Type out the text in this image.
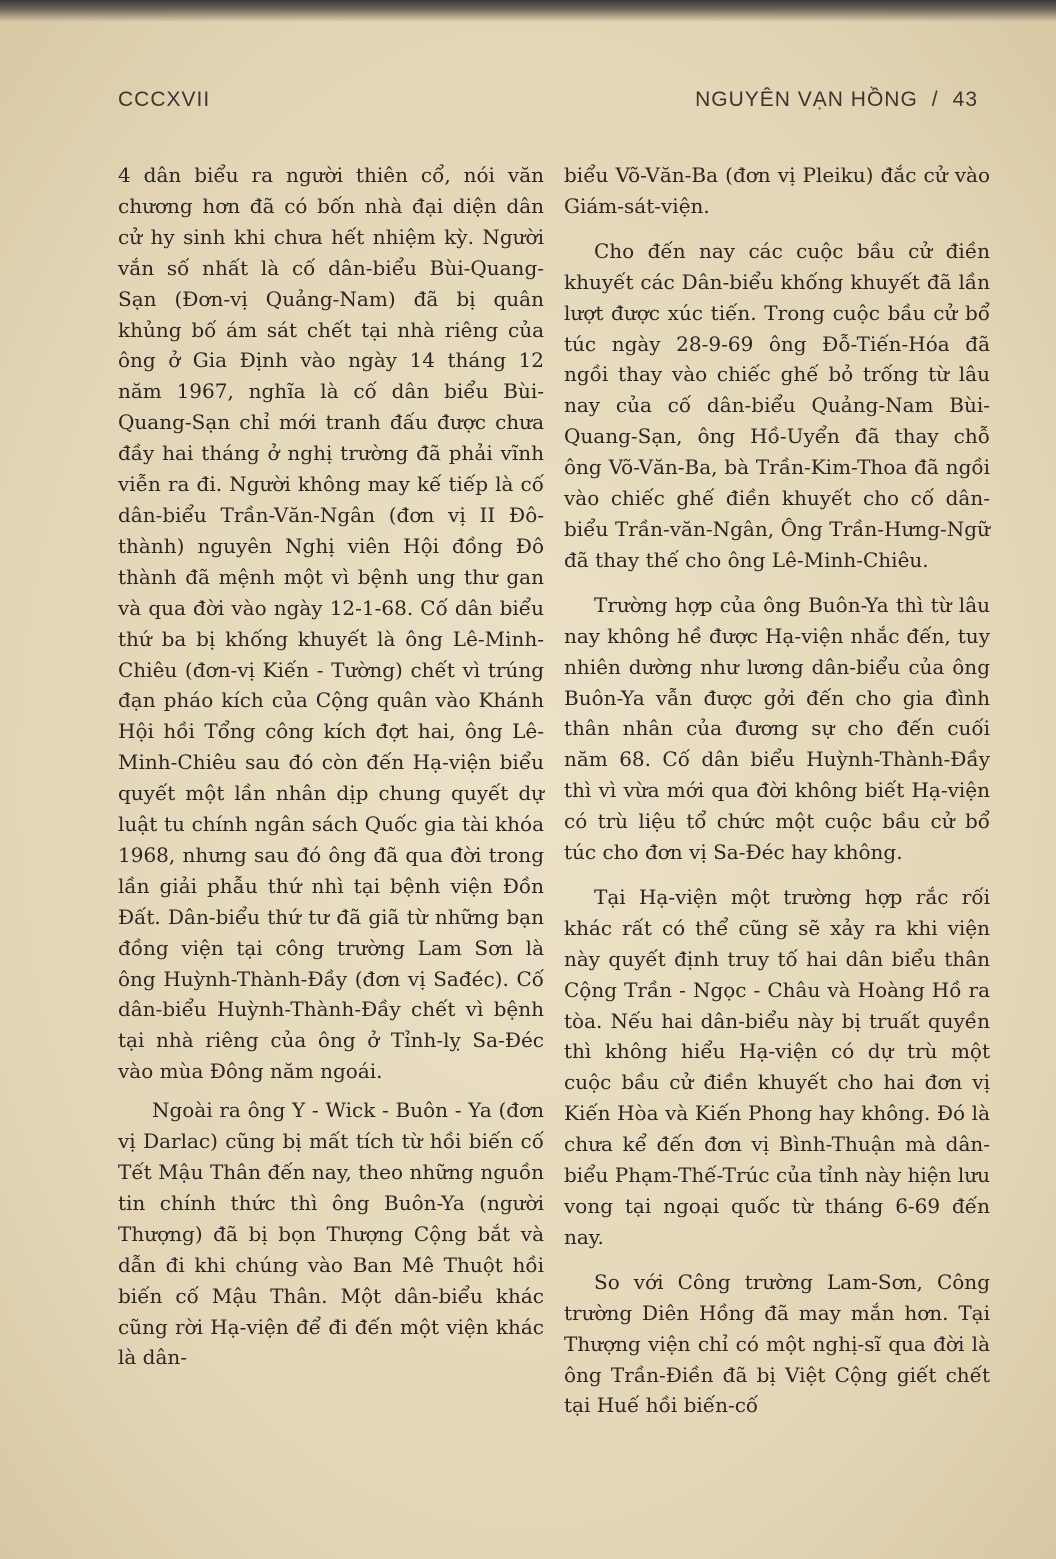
CCCXVII	NGUYÊN VẠN HỒNG / 43

4 dân biểu ra người thiên cổ, nói văn chương hơn đã có bốn nhà đại diện dân cử hy sinh khi chưa hết nhiệm kỳ. Người vắn số nhất là cố dân-biểu Bùi-Quang-Sạn (Đơn-vị Quảng-Nam) đã bị quân khủng bố ám sát chết tại nhà riêng của ông ở Gia Định vào ngày 14 tháng 12 năm 1967, nghĩa là cố dân biểu Bùi-Quang-Sạn chỉ mới tranh đấu được chưa đầy hai tháng ở nghị trường đã phải vĩnh viễn ra đi. Người không may kế tiếp là cố dân-biểu Trần-Văn-Ngân (đơn vị II Đô-thành) nguyên Nghị viên Hội đồng Đô thành đã mệnh một vì bệnh ung thư gan và qua đời vào ngày 12-1-68. Cố dân biểu thứ ba bị khống khuyết là ông Lê-Minh-Chiêu (đơn-vị Kiến - Tường) chết vì trúng đạn pháo kích của Cộng quân vào Khánh Hội hồi Tổng công kích đợt hai, ông Lê-Minh-Chiêu sau đó còn đến Hạ-viện biểu quyết một lần nhân dịp chung quyết dự luật tu chính ngân sách Quốc gia tài khóa 1968, nhưng sau đó ông đã qua đời trong lần giải phẫu thứ nhì tại bệnh viện Đồn Đất. Dân-biểu thứ tư đã giã từ những bạn đồng viện tại công trường Lam Sơn là ông Huỳnh-Thành-Đầy (đơn vị Sađéc). Cố dân-biểu Huỳnh-Thành-Đầy chết vì bệnh tại nhà riêng của ông ở Tỉnh-lỵ Sa-Đéc vào mùa Đông năm ngoái.

Ngoài ra ông Y - Wick - Buôn - Ya (đơn vị Darlac) cũng bị mất tích từ hồi biến cố Tết Mậu Thân đến nay, theo những nguồn tin chính thức thì ông Buôn-Ya (người Thượng) đã bị bọn Thượng Cộng bắt và dẫn đi khi chúng vào Ban Mê Thuột hồi biến cố Mậu Thân. Một dân-biểu khác cũng rời Hạ-viện để đi đến một viện khác là dân-

biểu Võ-Văn-Ba (đơn vị Pleiku) đắc cử vào Giám-sát-viện.

Cho đến nay các cuộc bầu cử điền khuyết các Dân-biểu khống khuyết đã lần lượt được xúc tiến. Trong cuộc bầu cử bổ túc ngày 28-9-69 ông Đỗ-Tiến-Hóa đã ngồi thay vào chiếc ghế bỏ trống từ lâu nay của cố dân-biểu Quảng-Nam Bùi-Quang-Sạn, ông Hồ-Uyển đã thay chỗ ông Võ-Văn-Ba, bà Trần-Kim-Thoa đã ngồi vào chiếc ghế điền khuyết cho cố dân-biểu Trần-văn-Ngân, Ông Trần-Hưng-Ngữ đã thay thế cho ông Lê-Minh-Chiêu.

Trường hợp của ông Buôn-Ya thì từ lâu nay không hề được Hạ-viện nhắc đến, tuy nhiên dường như lương dân-biểu của ông Buôn-Ya vẫn được gởi đến cho gia đình thân nhân của đương sự cho đến cuối năm 68. Cố dân biểu Huỳnh-Thành-Đầy thì vì vừa mới qua đời không biết Hạ-viện có trù liệu tổ chức một cuộc bầu cử bổ túc cho đơn vị Sa-Đéc hay không.

Tại Hạ-viện một trường hợp rắc rối khác rất có thể cũng sẽ xảy ra khi viện này quyết định truy tố hai dân biểu thân Cộng Trần - Ngọc - Châu và Hoàng Hồ ra tòa. Nếu hai dân-biểu này bị truất quyền thì không hiểu Hạ-viện có dự trù một cuộc bầu cử điền khuyết cho hai đơn vị Kiến Hòa và Kiến Phong hay không. Đó là chưa kể đến đơn vị Bình-Thuận mà dân-biểu Phạm-Thế-Trúc của tỉnh này hiện lưu vong tại ngoại quốc từ tháng 6-69 đến nay.

So với Công trường Lam-Sơn, Công trường Diên Hồng đã may mắn hơn. Tại Thượng viện chỉ có một nghị-sĩ qua đời là ông Trần-Điền đã bị Việt Cộng giết chết tại Huế hồi biến-cố
